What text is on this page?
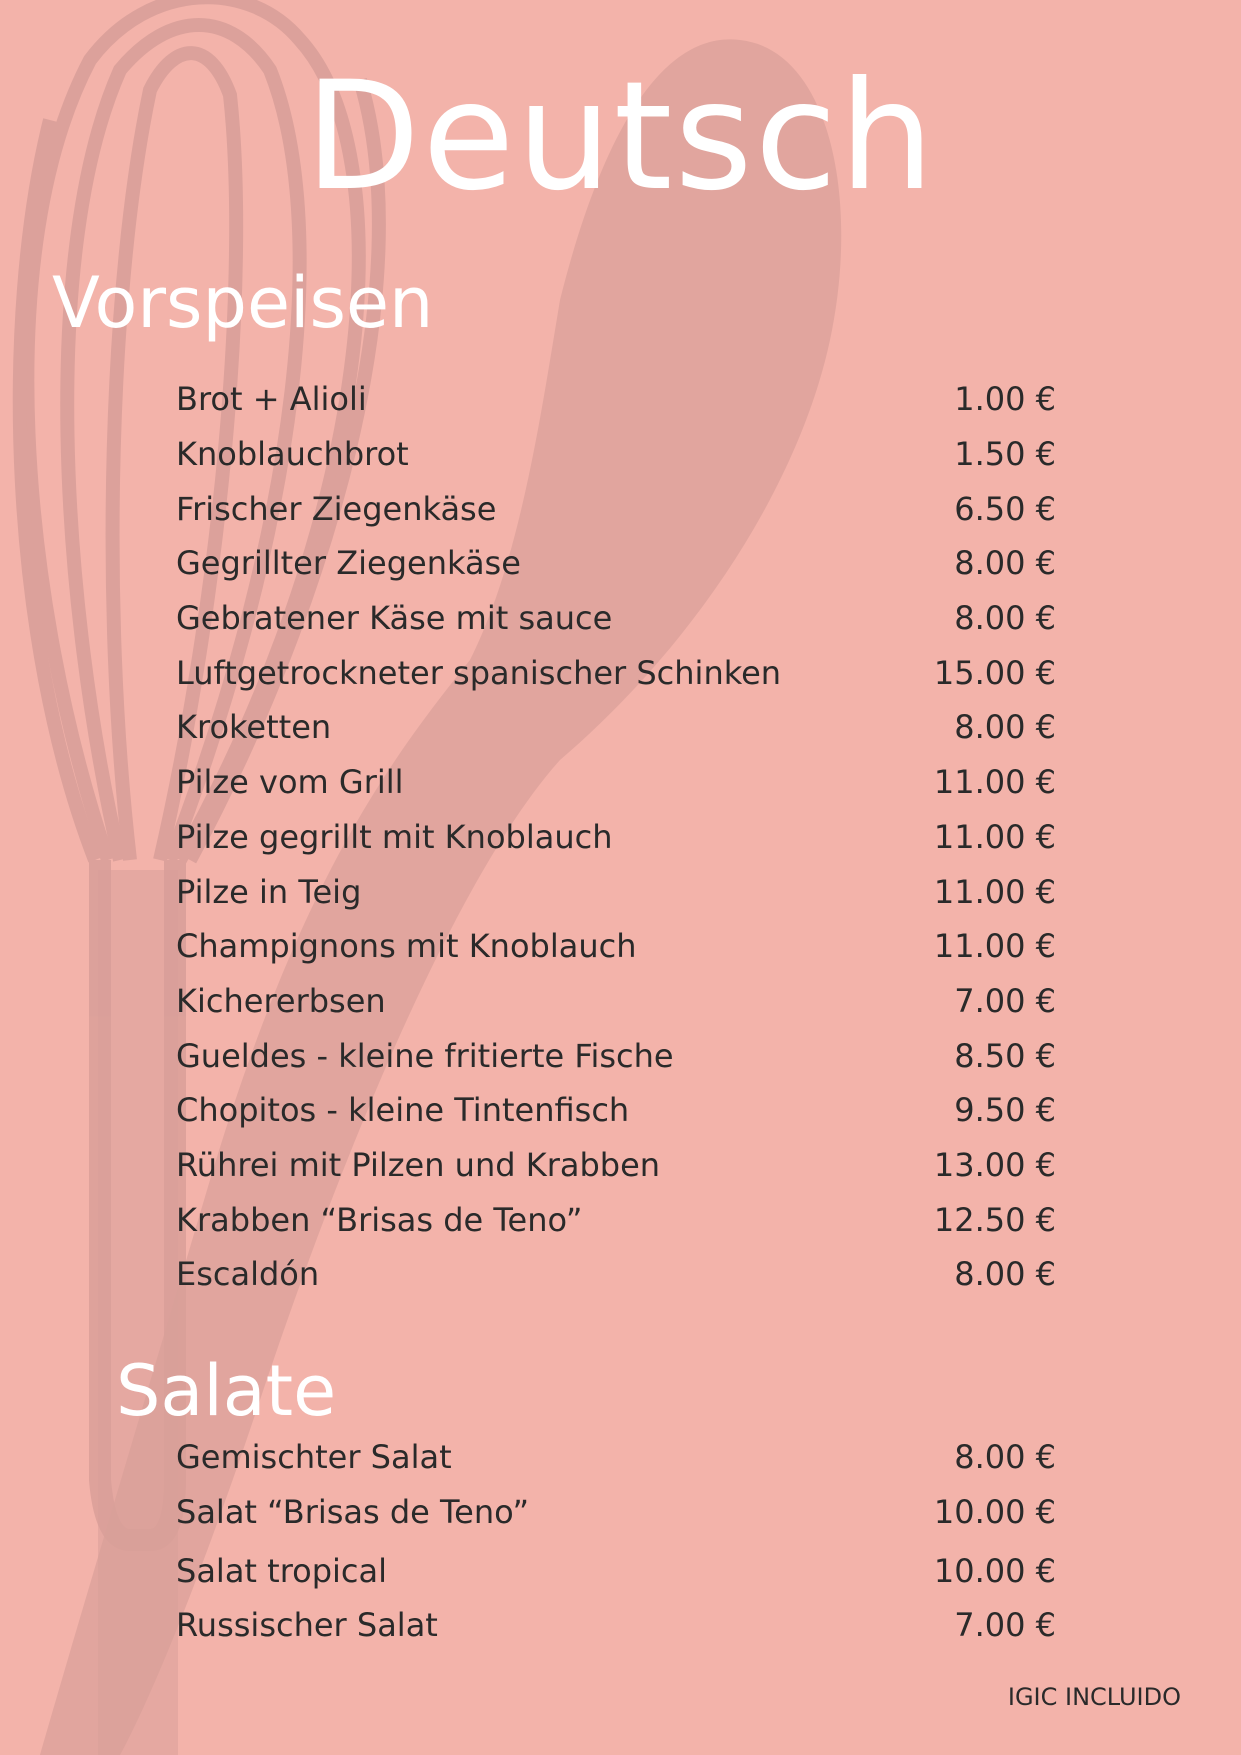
Deutsch
Vorspeisen
Brot + Alioli	1.00 €
Knoblauchbrot	1.50 €
Frischer Ziegenkäse	6.50 €
Gegrillter Ziegenkäse	8.00 €
Gebratener Käse mit sauce	8.00 €
Luftgetrockneter spanischer Schinken	15.00 €
Kroketten	8.00 €
Pilze vom Grill	11.00 €
Pilze gegrillt mit Knoblauch	11.00 €
Pilze in Teig	11.00 €
Champignons mit Knoblauch	11.00 €
Kichererbsen	7.00 €
Gueldes - kleine fritierte Fische	8.50 €
Chopitos - kleine Tintenfisch	9.50 €
Rührei mit Pilzen und Krabben	13.00 €
Krabben “Brisas de Teno”	12.50 €
Escaldón	8.00 €
Salate
Gemischter Salat	8.00 €
Salat “Brisas de Teno”	10.00 €
Salat tropical	10.00 €
Russischer Salat	7.00 €
IGIC INCLUIDO
